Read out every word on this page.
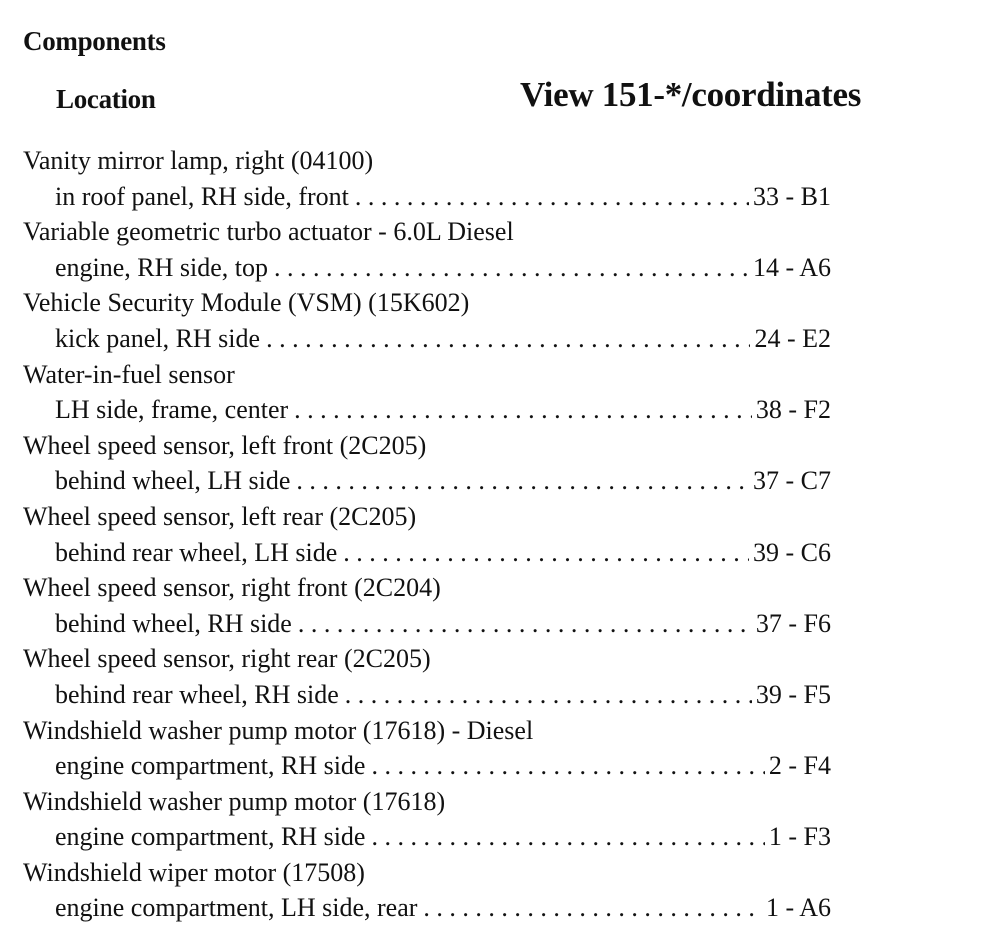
Components
Location	View 151-*/coordinates
Vanity mirror lamp, right (04100)
in roof panel, RH side, front . . .	33 - B1
Variable geometric turbo actuator - 6.0L Diesel
engine, RH side, top . . .	14 - A6
Vehicle Security Module (VSM) (15K602)
kick panel, RH side . . .	24 - E2
Water-in-fuel sensor
LH side, frame, center . . .	38 - F2
Wheel speed sensor, left front (2C205)
behind wheel, LH side . . .	37 - C7
Wheel speed sensor, left rear (2C205)
behind rear wheel, LH side . . .	39 - C6
Wheel speed sensor, right front (2C204)
behind wheel, RH side . . .	37 - F6
Wheel speed sensor, right rear (2C205)
behind rear wheel, RH side . . .	39 - F5
Windshield washer pump motor (17618) - Diesel
engine compartment, RH side . . .	2 - F4
Windshield washer pump motor (17618)
engine compartment, RH side . . .	1 - F3
Windshield wiper motor (17508)
engine compartment, LH side, rear . . .	1 - A6
